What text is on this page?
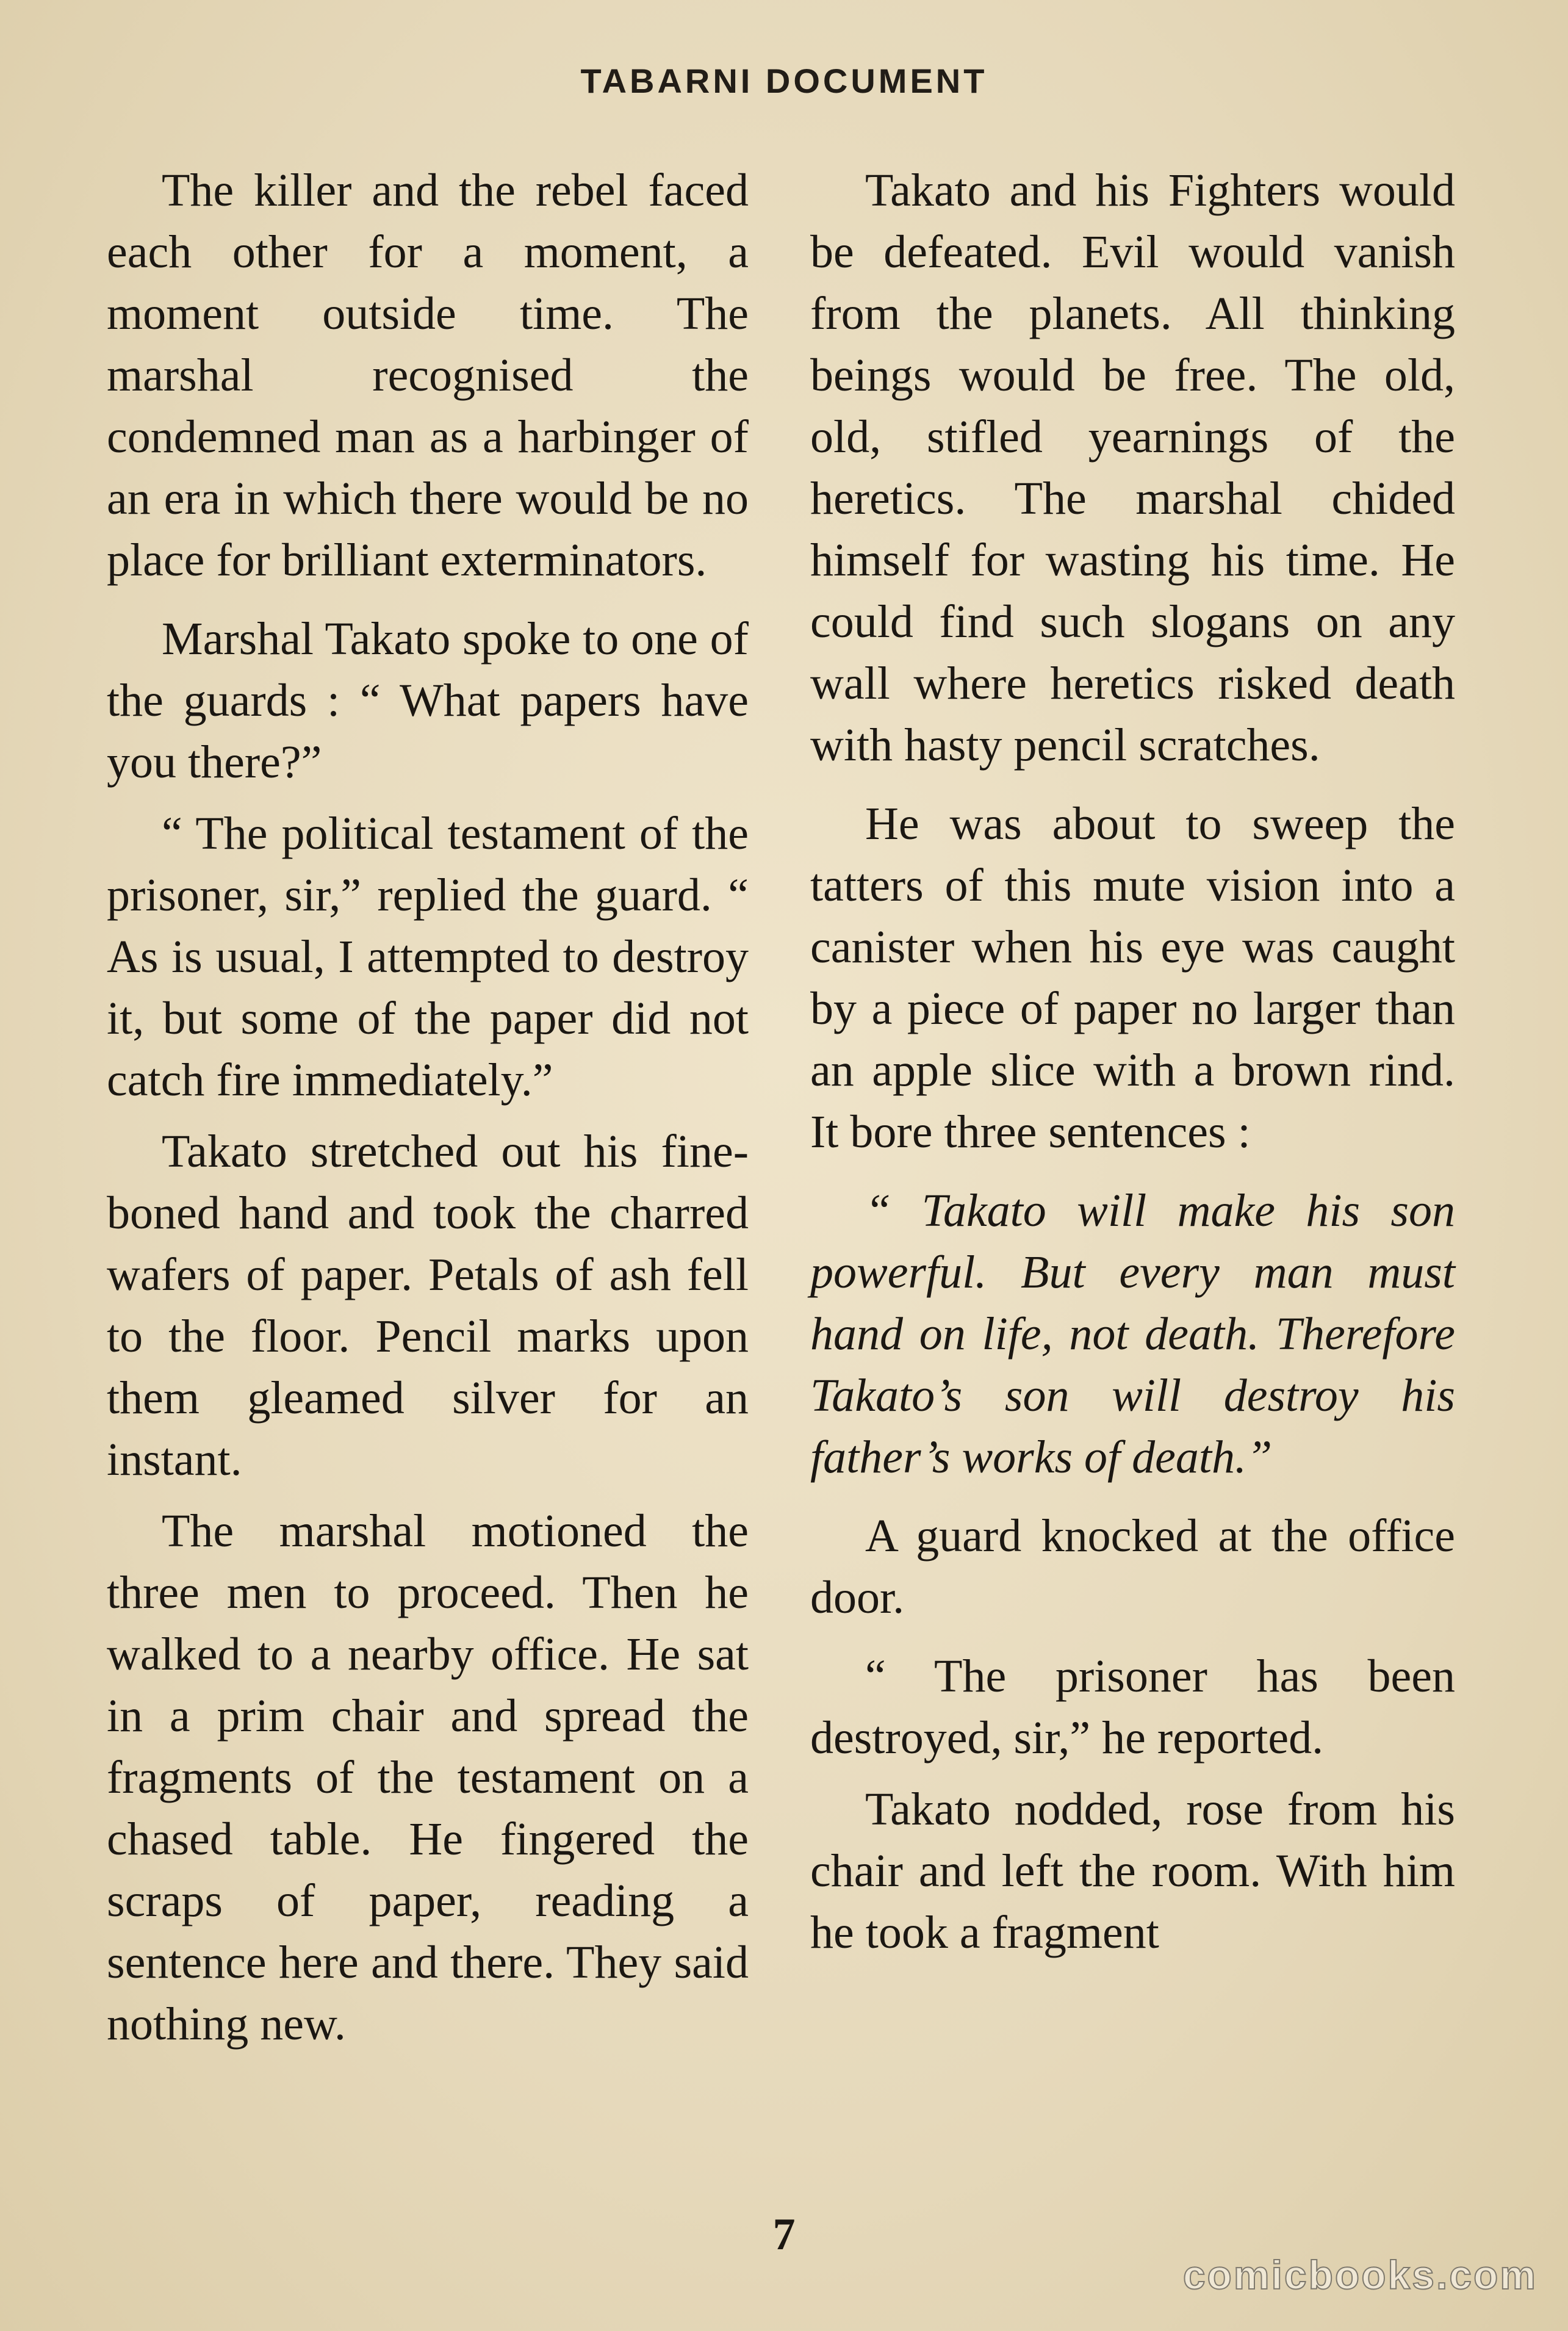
TABARNI DOCUMENT

The killer and the rebel faced each other for a moment, a moment outside time. The marshal recognised the condemned man as a harbinger of an era in which there would be no place for brilliant exterminators.

Marshal Takato spoke to one of the guards : “ What papers have you there?”

“ The political testament of the prisoner, sir,” replied the guard. “ As is usual, I attempted to destroy it, but some of the paper did not catch fire immediately.”

Takato stretched out his fine-boned hand and took the charred wafers of paper. Petals of ash fell to the floor. Pencil marks upon them gleamed silver for an instant.

The marshal motioned the three men to proceed. Then he walked to a nearby office. He sat in a prim chair and spread the fragments of the testament on a chased table. He fingered the scraps of paper, reading a sentence here and there. They said nothing new.

Takato and his Fighters would be defeated. Evil would vanish from the planets. All thinking beings would be free. The old, old, stifled yearnings of the heretics. The marshal chided himself for wasting his time. He could find such slogans on any wall where heretics risked death with hasty pencil scratches.

He was about to sweep the tatters of this mute vision into a canister when his eye was caught by a piece of paper no larger than an apple slice with a brown rind. It bore three sentences :

“ Takato will make his son powerful. But every man must hand on life, not death. Therefore Takato’s son will destroy his father’s works of death.”

A guard knocked at the office door.

“ The prisoner has been destroyed, sir,” he reported.

Takato nodded, rose from his chair and left the room. With him he took a fragment

7
comicbooks.com
